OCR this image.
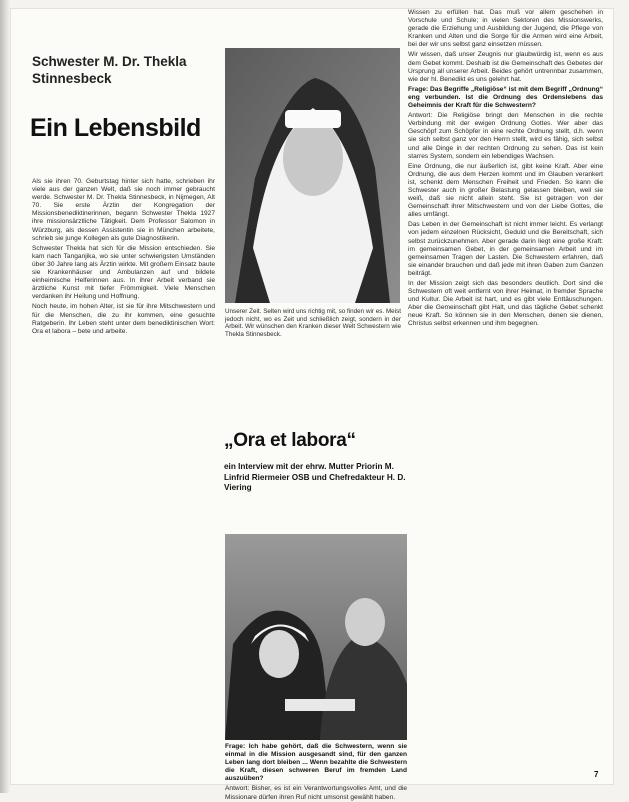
Schwester M. Dr. Thekla Stinnesbeck
Ein Lebensbild

Als sie ihren 70. Geburtstag hinter sich hatte, schrieben ihr viele aus der ganzen Welt, daß sie noch immer gebraucht werde. Schwester M. Dr. Thekla Stinnesbeck, in Nijmegen, Alt 70. Sie erste Ärztin der Kongregation der Missionsbenediktinerinnen, begann Schwester Thekla 1927 ihre missionsärztliche Tätigkeit. Dem Professor Salomon in Würzburg, als dessen Assistentin sie in München arbeitete, schrieb sie junge Kollegen als gute Diagnostikerin.

Schwester Thekla hat sich für die Mission entschieden. Sie kam nach Tanganjika, wo sie unter schwierigsten Umständen über 30 Jahre lang als Ärztin wirkte. Mit großem Einsatz baute sie Krankenhäuser und Ambulanzen auf und bildete einheimische Helferinnen aus. In ihrer Arbeit verband sie ärztliche Kunst mit tiefer Frömmigkeit. Viele Menschen verdanken ihr Heilung und Hoffnung.

Noch heute, im hohen Alter, ist sie für ihre Mitschwestern und für die Menschen, die zu ihr kommen, eine gesuchte Ratgeberin. Ihr Leben steht unter dem benediktinischen Wort: Ora et labora – bete und arbeite.

Unserer Zeit. Selten wird uns richtig mit, so finden wir es. Meist jedoch nicht, wo es Zeit und schließlich zeigt, sondern in der Arbeit. Wir wünschen den Kranken dieser Welt Schwestern wie Thekla Stinnesbeck.

„Ora et labora“
ein Interview mit der ehrw. Mutter Priorin M. Linfrid Riermeier OSB und Chefredakteur H. D. Viering

Frage: Ich habe gehört, daß die Schwestern, wenn sie einmal in die Mission ausgesandt sind, für den ganzen Leben lang dort bleiben ... Wenn bezahlte die Schwestern die Kraft, diesen schweren Beruf im fremden Land auszuüben?

Antwort: Bisher, es ist ein Verantwortungsvolles Amt, und die Missionare dürfen ihren Ruf nicht umsonst gewählt haben.

Wissen zu erfüllen hat. Das muß vor allem geschehen in Vorschule und Schule; in vielen Sektoren des Missionswerks, gerade die Erziehung und Ausbildung der Jugend, die Pflege von Kranken und Alten und die Sorge für die Armen wird eine Arbeit, bei der wir uns selbst ganz einsetzen müssen.

Wir wissen, daß unser Zeugnis nur glaubwürdig ist, wenn es aus dem Gebet kommt. Deshalb ist die Gemeinschaft des Gebetes der Ursprung all unserer Arbeit. Beides gehört untrennbar zusammen, wie der hl. Benedikt es uns gelehrt hat.

Frage: Das Begriffe „Religiöse“ ist mit dem Begriff „Ordnung“ eng verbunden. Ist die Ordnung des Ordenslebens das Geheimnis der Kraft für die Schwestern?

Antwort: Die Religiöse bringt den Menschen in die rechte Verbindung mit der ewigen Ordnung Gottes. Wer aber das Geschöpf zum Schöpfer in eine rechte Ordnung stellt, d.h. wenn sie sich selbst ganz vor den Herrn stellt, wird es fähig, sich selbst und alle Dinge in der rechten Ordnung zu sehen. Das ist kein starres System, sondern ein lebendiges Wachsen.

Eine Ordnung, die nur äußerlich ist, gibt keine Kraft. Aber eine Ordnung, die aus dem Herzen kommt und im Glauben verankert ist, schenkt dem Menschen Freiheit und Frieden. So kann die Schwester auch in großer Belastung gelassen bleiben, weil sie weiß, daß sie nicht allein steht. Sie ist getragen von der Gemeinschaft ihrer Mitschwestern und von der Liebe Gottes, die alles umfängt.

Das Leben in der Gemeinschaft ist nicht immer leicht. Es verlangt von jedem einzelnen Rücksicht, Geduld und die Bereitschaft, sich selbst zurückzunehmen. Aber gerade darin liegt eine große Kraft: im gemeinsamen Gebet, in der gemeinsamen Arbeit und im gemeinsamen Tragen der Lasten. Die Schwestern erfahren, daß sie einander brauchen und daß jede mit ihren Gaben zum Ganzen beiträgt.

In der Mission zeigt sich das besonders deutlich. Dort sind die Schwestern oft weit entfernt von ihrer Heimat, in fremder Sprache und Kultur. Die Arbeit ist hart, und es gibt viele Enttäuschungen. Aber die Gemeinschaft gibt Halt, und das tägliche Gebet schenkt neue Kraft. So können sie in den Menschen, denen sie dienen, Christus selbst erkennen und ihm begegnen.

7
